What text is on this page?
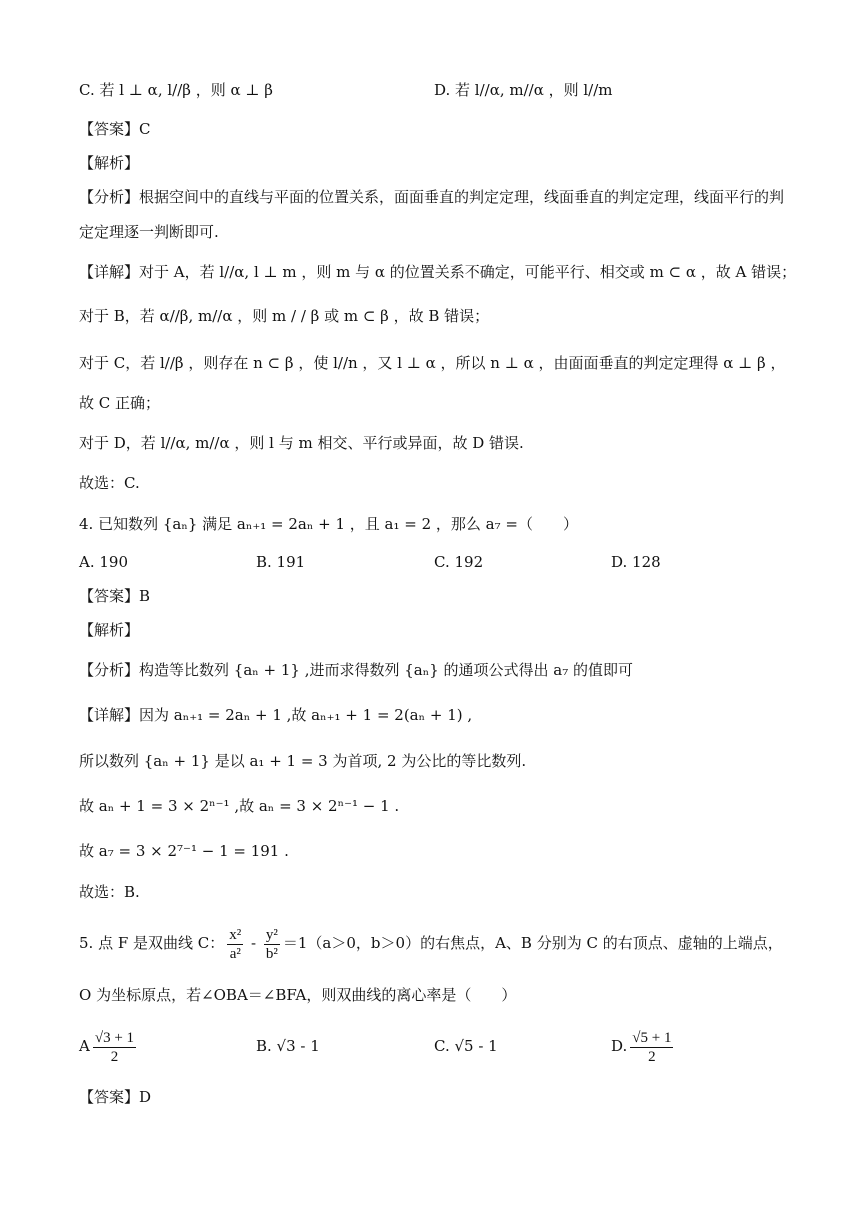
C. 若 l ⊥ α, l//β ，则 α ⊥ β	D. 若 l//α, m//α ，则 l//m
【答案】C
【解析】
【分析】根据空间中的直线与平面的位置关系，面面垂直的判定定理，线面垂直的判定定理，线面平行的判
定定理逐一判断即可.
【详解】对于 A，若 l//α, l ⊥ m ，则 m 与 α 的位置关系不确定，可能平行、相交或 m ⊂ α ，故 A 错误；
对于 B，若 α//β, m//α ，则 m / / β 或 m ⊂ β ，故 B 错误；
对于 C，若 l//β ，则存在 n ⊂ β ，使 l//n ，又 l ⊥ α ，所以 n ⊥ α ，由面面垂直的判定定理得 α ⊥ β ，
故 C 正确；
对于 D，若 l//α, m//α ，则 l 与 m 相交、平行或异面，故 D 错误.
故选：C.
4. 已知数列 {aₙ} 满足 aₙ₊₁ = 2aₙ + 1 ，且 a₁ = 2 ，那么 a₇ =（　　）
A. 190	B. 191	C. 192	D. 128
【答案】B
【解析】
【分析】构造等比数列 {aₙ + 1} ,进而求得数列 {aₙ} 的通项公式得出 a₇ 的值即可
【详解】因为 aₙ₊₁ = 2aₙ + 1 ,故 aₙ₊₁ + 1 = 2(aₙ + 1) ,
所以数列 {aₙ + 1} 是以 a₁ + 1 = 3 为首项, 2 为公比的等比数列.
故 aₙ + 1 = 3 × 2ⁿ⁻¹ ,故 aₙ = 3 × 2ⁿ⁻¹ − 1 .
故 a₇ = 3 × 2⁷⁻¹ − 1 = 191 .
故选：B.
5. 点 F 是双曲线 C： $\frac{\text{x²}}{\text{a²}} - \frac{\text{y²}}{\text{b²}} =1(a>0$，b＞0）的右焦点，A、B 分别为 C 的右顶点、虚轴的上端点，
O 为坐标原点，若∠OBA＝∠BFA，则双曲线的离心率是（　　）
A $\frac{√3 + 1}{2}$	B. √3 - 1	C. √5 - 1	D. $\frac{√5 + 1}{2}$
【答案】D
